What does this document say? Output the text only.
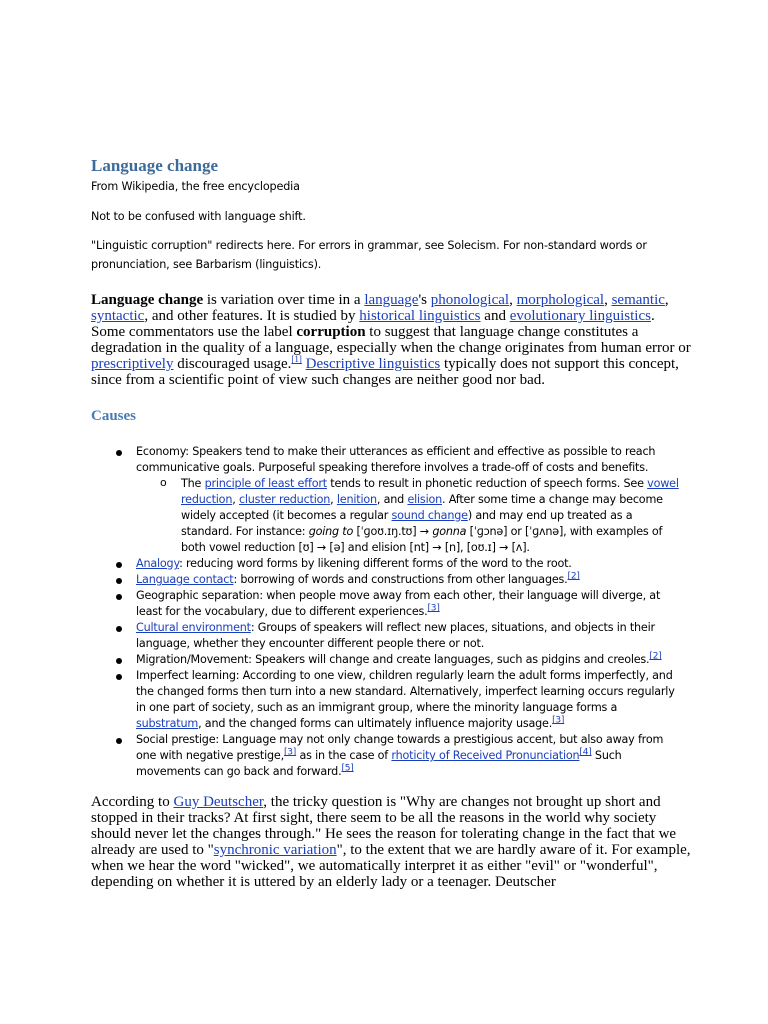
Language change
From Wikipedia, the free encyclopedia
Not to be confused with language shift.
"Linguistic corruption" redirects here. For errors in grammar, see Solecism. For non-standard words or
pronunciation, see Barbarism (linguistics).
Language change is variation over time in a language's phonological, morphological, semantic, syntactic, and other features. It is studied by historical linguistics and evolutionary linguistics. Some commentators use the label corruption to suggest that language change constitutes a degradation in the quality of a language, especially when the change originates from human error or prescriptively discouraged usage.[1] Descriptive linguistics typically does not support this concept, since from a scientific point of view such changes are neither good nor bad.
Causes
Economy: Speakers tend to make their utterances as efficient and effective as possible to reach communicative goals. Purposeful speaking therefore involves a trade-off of costs and benefits.
o The principle of least effort tends to result in phonetic reduction of speech forms. See vowel reduction, cluster reduction, lenition, and elision. After some time a change may become widely accepted (it becomes a regular sound change) and may end up treated as a standard. For instance: going to [ˈɡoʊ.ɪŋ.tʊ] → gonna [ˈɡɔnə] or [ˈɡʌnə], with examples of both vowel reduction [ʊ] → [ə] and elision [nt] → [n], [oʊ.ɪ] → [ʌ].
Analogy: reducing word forms by likening different forms of the word to the root.
Language contact: borrowing of words and constructions from other languages.[2]
Geographic separation: when people move away from each other, their language will diverge, at least for the vocabulary, due to different experiences.[3]
Cultural environment: Groups of speakers will reflect new places, situations, and objects in their language, whether they encounter different people there or not.
Migration/Movement: Speakers will change and create languages, such as pidgins and creoles.[2]
Imperfect learning: According to one view, children regularly learn the adult forms imperfectly, and the changed forms then turn into a new standard. Alternatively, imperfect learning occurs regularly in one part of society, such as an immigrant group, where the minority language forms a substratum, and the changed forms can ultimately influence majority usage.[3]
Social prestige: Language may not only change towards a prestigious accent, but also away from one with negative prestige,[3] as in the case of rhoticity of Received Pronunciation[4] Such movements can go back and forward.[5]
According to Guy Deutscher, the tricky question is "Why are changes not brought up short and stopped in their tracks? At first sight, there seem to be all the reasons in the world why society should never let the changes through." He sees the reason for tolerating change in the fact that we already are used to "synchronic variation", to the extent that we are hardly aware of it. For example, when we hear the word "wicked", we automatically interpret it as either "evil" or "wonderful", depending on whether it is uttered by an elderly lady or a teenager. Deutscher
